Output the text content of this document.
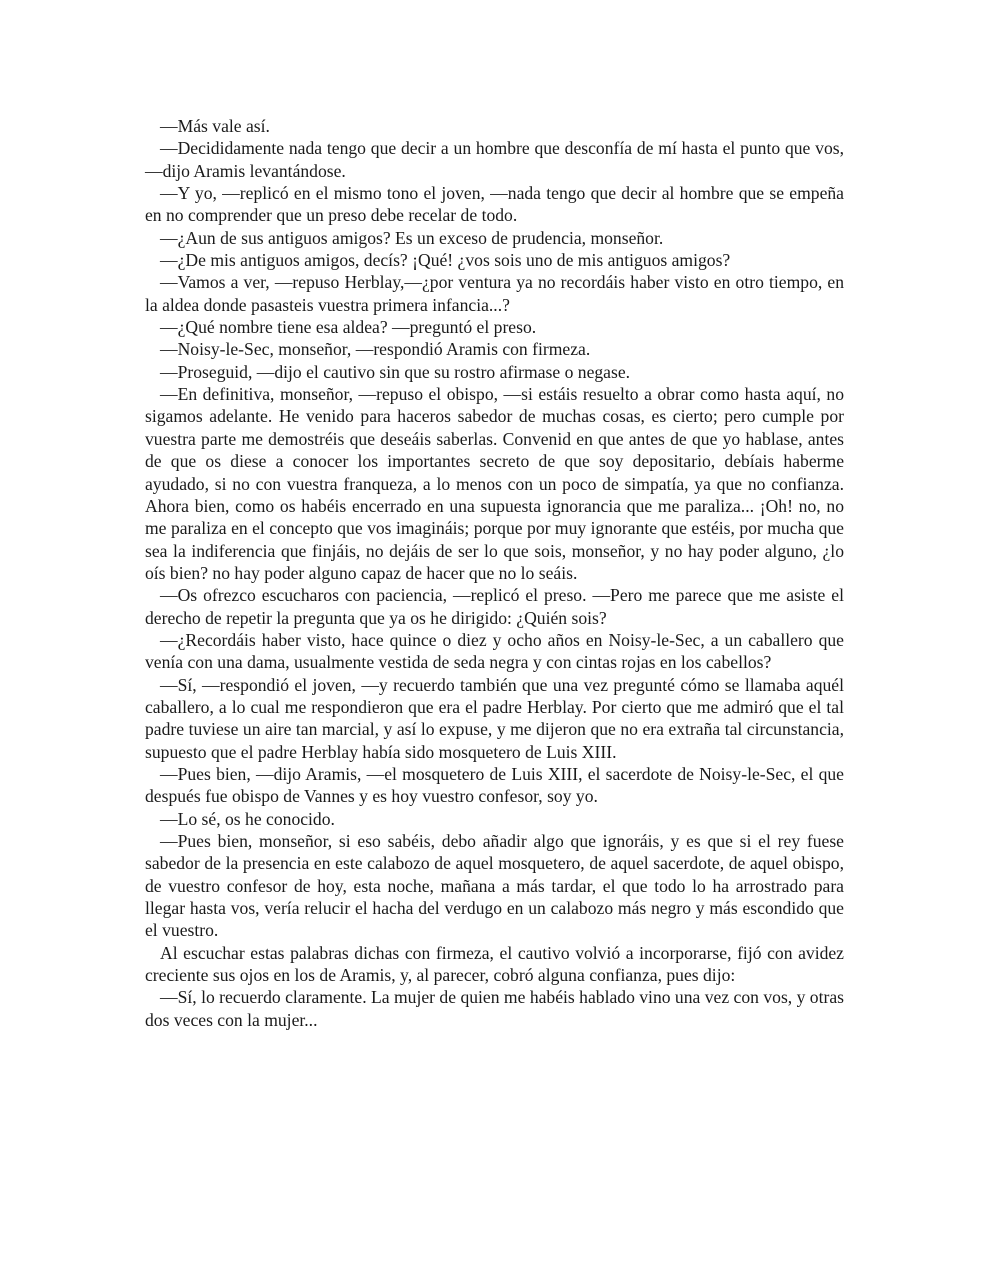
—Más vale así.

—Decididamente nada tengo que decir a un hombre que desconfía de mí hasta el punto que vos, —dijo Aramis levantándose.

—Y yo, —replicó en el mismo tono el joven, —nada tengo que decir al hombre que se empeña en no comprender que un preso debe recelar de todo.

—¿Aun de sus antiguos amigos? Es un exceso de prudencia, monseñor.

—¿De mis antiguos amigos, decís? ¡Qué! ¿vos sois uno de mis antiguos amigos?

—Vamos a ver, —repuso Herblay,—¿por ventura ya no recordáis haber visto en otro tiempo, en la aldea donde pasasteis vuestra primera infancia...?

—¿Qué nombre tiene esa aldea? —preguntó el preso.

—Noisy-le-Sec, monseñor, —respondió Aramis con firmeza.

—Proseguid, —dijo el cautivo sin que su rostro afirmase o negase.

—En definitiva, monseñor, —repuso el obispo, —si estáis resuelto a obrar como hasta aquí, no sigamos adelante. He venido para haceros sabedor de muchas cosas, es cierto; pero cumple por vuestra parte me demostréis que deseáis saberlas. Convenid en que antes de que yo hablase, antes de que os diese a conocer los importantes secreto de que soy depositario, debíais haberme ayudado, si no con vuestra franqueza, a lo menos con un poco de simpatía, ya que no confianza. Ahora bien, como os habéis encerrado en una supuesta ignorancia que me paraliza... ¡Oh! no, no me paraliza en el concepto que vos imagináis; porque por muy ignorante que estéis, por mucha que sea la indiferencia que finjáis, no dejáis de ser lo que sois, monseñor, y no hay poder alguno, ¿lo oís bien? no hay poder alguno capaz de hacer que no lo seáis.

—Os ofrezco escucharos con paciencia, —replicó el preso. —Pero me parece que me asiste el derecho de repetir la pregunta que ya os he dirigido: ¿Quién sois?

—¿Recordáis haber visto, hace quince o diez y ocho años en Noisy-le-Sec, a un caballero que venía con una dama, usualmente vestida de seda negra y con cintas rojas en los cabellos?

—Sí, —respondió el joven, —y recuerdo también que una vez pregunté cómo se llamaba aquél caballero, a lo cual me respondieron que era el padre Herblay. Por cierto que me admiró que el tal padre tuviese un aire tan marcial, y así lo expuse, y me dijeron que no era extraña tal circunstancia, supuesto que el padre Herblay había sido mosquetero de Luis XIII.

—Pues bien, —dijo Aramis, —el mosquetero de Luis XIII, el sacerdote de Noisy-le-Sec, el que después fue obispo de Vannes y es hoy vuestro confesor, soy yo.

—Lo sé, os he conocido.

—Pues bien, monseñor, si eso sabéis, debo añadir algo que ignoráis, y es que si el rey fuese sabedor de la presencia en este calabozo de aquel mosquetero, de aquel sacerdote, de aquel obispo, de vuestro confesor de hoy, esta noche, mañana a más tardar, el que todo lo ha arrostrado para llegar hasta vos, vería relucir el hacha del verdugo en un calabozo más negro y más escondido que el vuestro.

Al escuchar estas palabras dichas con firmeza, el cautivo volvió a incorporarse, fijó con avidez creciente sus ojos en los de Aramis, y, al parecer, cobró alguna confianza, pues dijo:

—Sí, lo recuerdo claramente. La mujer de quien me habéis hablado vino una vez con vos, y otras dos veces con la mujer...
